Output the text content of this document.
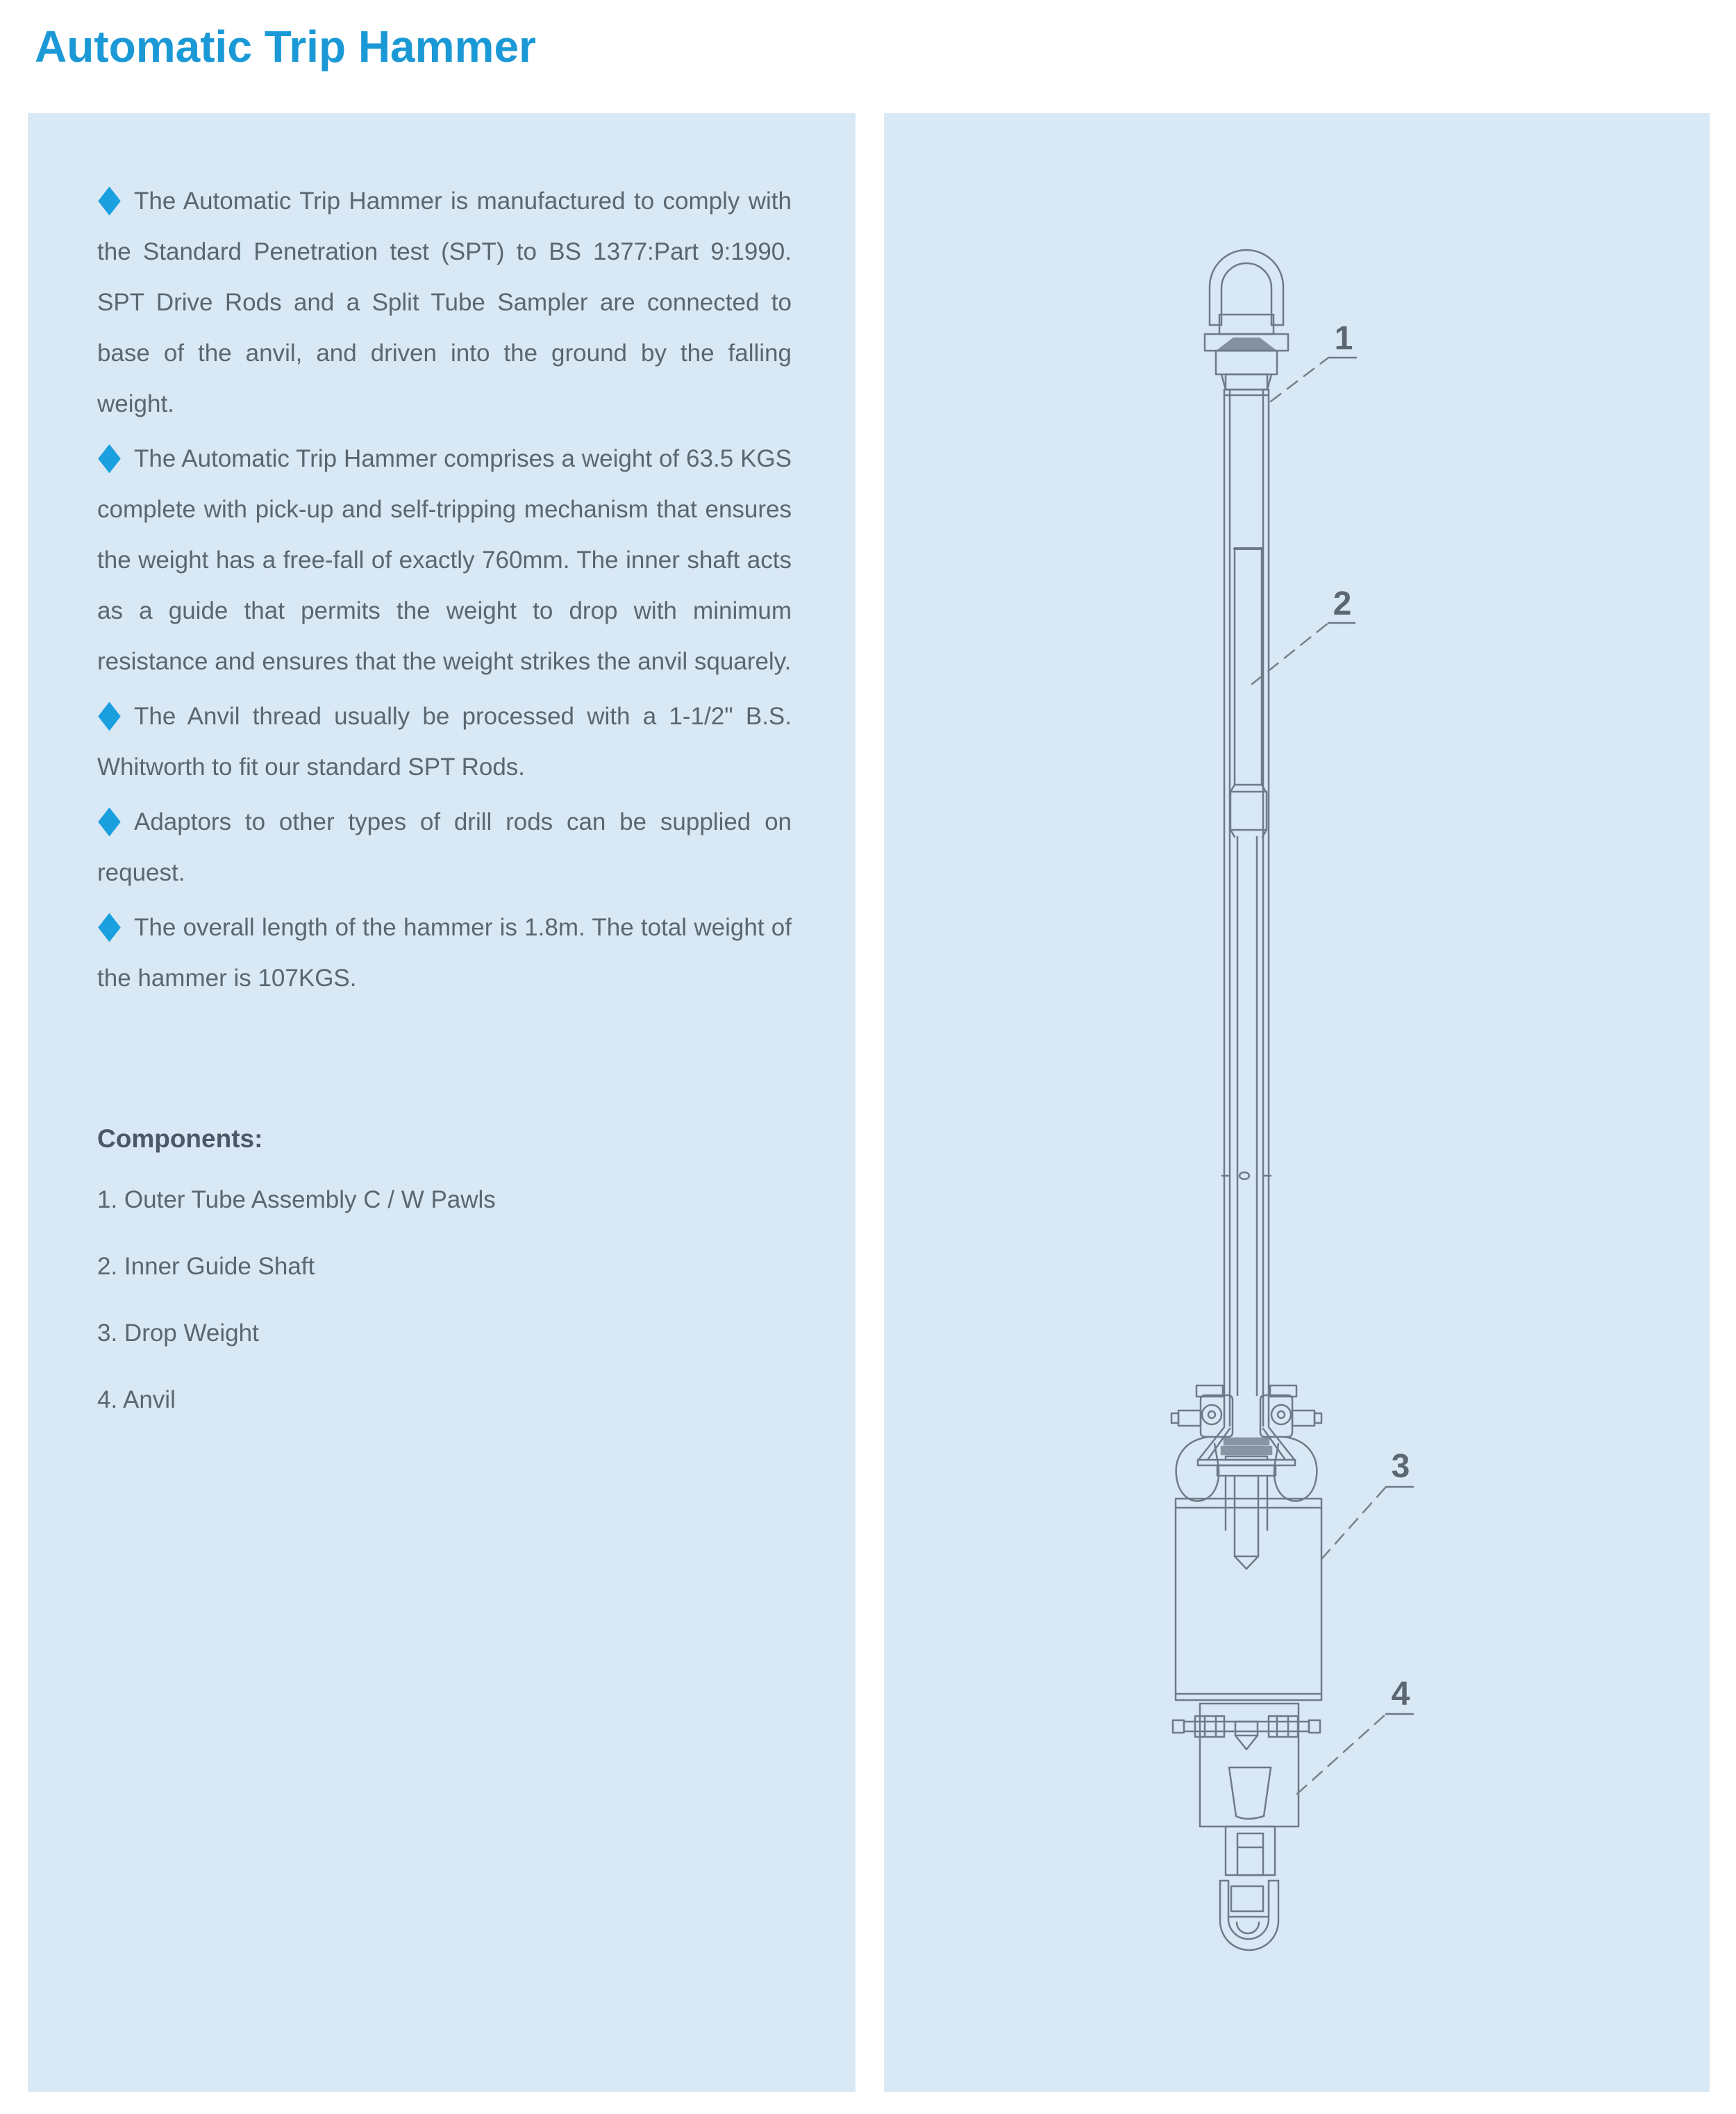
Automatic Trip Hammer

The Automatic Trip Hammer is manufactured to comply with the Standard Penetration test (SPT) to BS 1377:Part 9:1990. SPT Drive Rods and a Split Tube Sampler are connected to base of the anvil, and driven into the ground by the falling weight.

The Automatic Trip Hammer comprises a weight of 63.5 KGS complete with pick-up and self-tripping mechanism that ensures the weight has a free-fall of exactly 760mm. The inner shaft acts as a guide that permits the weight to drop with minimum resistance and ensures that the weight strikes the anvil squarely.

The Anvil thread usually be processed with a 1-1/2" B.S. Whitworth to fit our standard SPT Rods.

Adaptors to other types of drill rods can be supplied on request.

The overall length of the hammer is 1.8m. The total weight of the hammer is 107KGS.

Components:

1. Outer Tube Assembly C / W Pawls
2. Inner Guide Shaft
3. Drop Weight
4. Anvil
1
2
3
4
